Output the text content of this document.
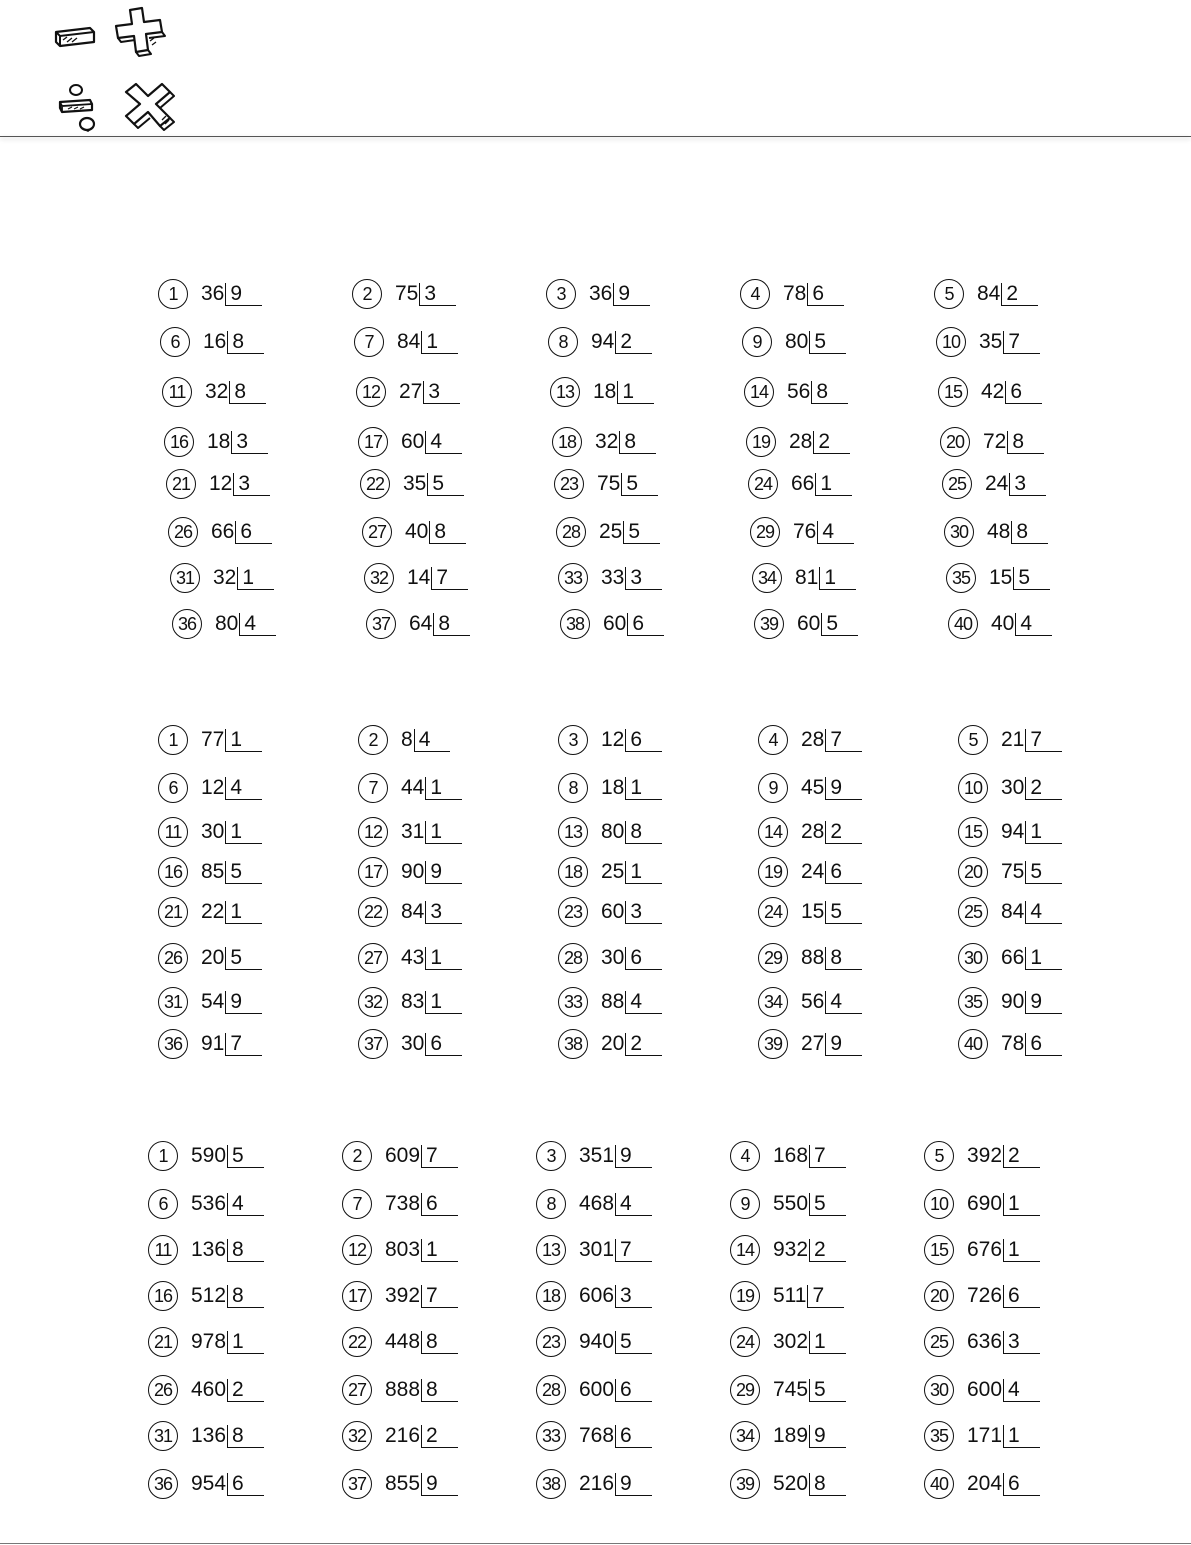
1	36 9	2	75 3	3	36 9	4	78 6	5	84 2
6	16 8	7	84 1	8	94 2	9	80 5	10 35 7
11 32 8	12 27 3	13 18 1	14 56 8	15 42 6
16 18 3	17 60 4	18 32 8	19 28 2	20 72 8
21 12 3	22 35 5	23 75 5	24 66 1	25 24 3
26 66 6	27 40 8	28 25 5	29 76 4	30 48 8
31 32 1	32 14 7	33 33 3	34 81 1	35 15 5
36 80 4	37 64 8	38 60 6	39 60 5	40 40 4
1	77 1	2	8 4	3	12 6	4	28 7	5	21 7
6	12 4	7	44 1	8	18 1	9	45 9	10 30 2
11 30 1	12 31 1	13 80 8	14 28 2	15 94 1
16 85 5	17 90 9	18 25 1	19 24 6	20 75 5
21 22 1	22 84 3	23 60 3	24 15 5	25 84 4
26 20 5	27 43 1	28 30 6	29 88 8	30 66 1
31 54 9	32 83 1	33 88 4	34 56 4	35 90 9
36 91 7	37 30 6	38 20 2	39 27 9	40 78 6
1	590 5	2	609 7	3	351 9	4	168 7	5	392 2
6	536 4	7	738 6	8	468 4	9	550 5	10 690 1
11 136 8	12 803 1	13 301 7	14 932 2	15 676 1
16 512 8	17 392 7	18 606 3	19 511 7	20 726 6
21 978 1	22 448 8	23 940 5	24 302 1	25 636 3
26 460 2	27 888 8	28 600 6	29 745 5	30 600 4
31 136 8	32 216 2	33 768 6	34 189 9	35 171 1
36 954 6	37 855 9	38 216 9	39 520 8	40 204 6
